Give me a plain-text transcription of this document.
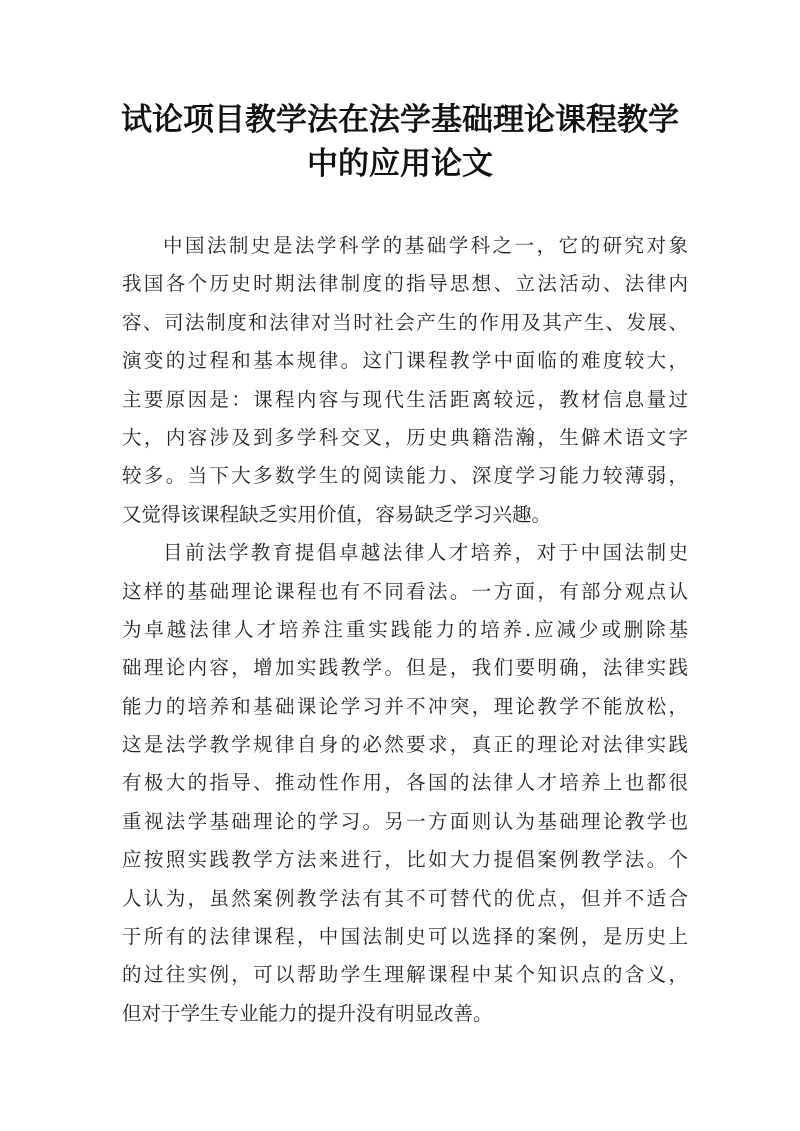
试论项目教学法在法学基础理论课程教学
中的应用论文
中国法制史是法学科学的基础学科之一，它的研究对象
我国各个历史时期法律制度的指导思想、立法活动、法律内
容、司法制度和法律对当时社会产生的作用及其产生、发展、
演变的过程和基本规律。这门课程教学中面临的难度较大，
主要原因是：课程内容与现代生活距离较远，教材信息量过
大，内容涉及到多学科交叉，历史典籍浩瀚，生僻术语文字
较多。当下大多数学生的阅读能力、深度学习能力较薄弱，
又觉得该课程缺乏实用价值，容易缺乏学习兴趣。
目前法学教育提倡卓越法律人才培养，对于中国法制史
这样的基础理论课程也有不同看法。一方面，有部分观点认
为卓越法律人才培养注重实践能力的培养.应减少或删除基
础理论内容，增加实践教学。但是，我们要明确，法律实践
能力的培养和基础课论学习并不冲突，理论教学不能放松，
这是法学教学规律自身的必然要求，真正的理论对法律实践
有极大的指导、推动性作用，各国的法律人才培养上也都很
重视法学基础理论的学习。另一方面则认为基础理论教学也
应按照实践教学方法来进行，比如大力提倡案例教学法。个
人认为，虽然案例教学法有其不可替代的优点，但并不适合
于所有的法律课程，中国法制史可以选择的案例，是历史上
的过往实例，可以帮助学生理解课程中某个知识点的含义，
但对于学生专业能力的提升没有明显改善。
